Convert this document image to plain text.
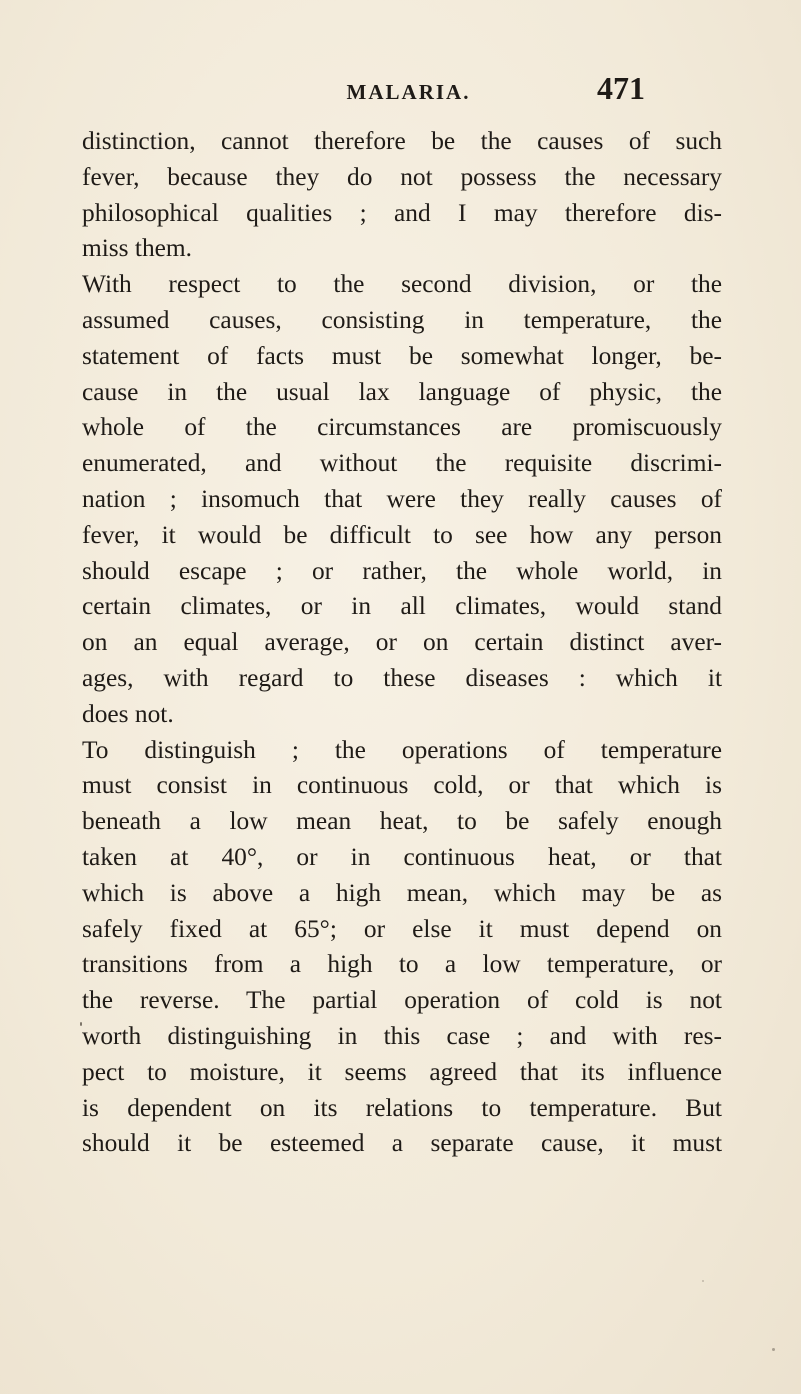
MALARIA.	471
distinction, cannot therefore be the causes of such
fever, because they do not possess the necessary
philosophical qualities ; and I may therefore dis-
miss them.
With respect to the second division, or the
assumed causes, consisting in temperature, the
statement of facts must be somewhat longer, be-
cause in the usual lax language of physic, the
whole of the circumstances are promiscuously
enumerated, and without the requisite discrimi-
nation ; insomuch that were they really causes of
fever, it would be difficult to see how any person
should escape ; or rather, the whole world, in
certain climates, or in all climates, would stand
on an equal average, or on certain distinct aver-
ages, with regard to these diseases : which it
does not.
To distinguish ; the operations of temperature
must consist in continuous cold, or that which is
beneath a low mean heat, to be safely enough
taken at 40°, or in continuous heat, or that
which is above a high mean, which may be as
safely fixed at 65°; or else it must depend on
transitions from a high to a low temperature, or
the reverse. The partial operation of cold is not
worth distinguishing in this case ; and with res-
pect to moisture, it seems agreed that its influence
is dependent on its relations to temperature. But
should it be esteemed a separate cause, it must
